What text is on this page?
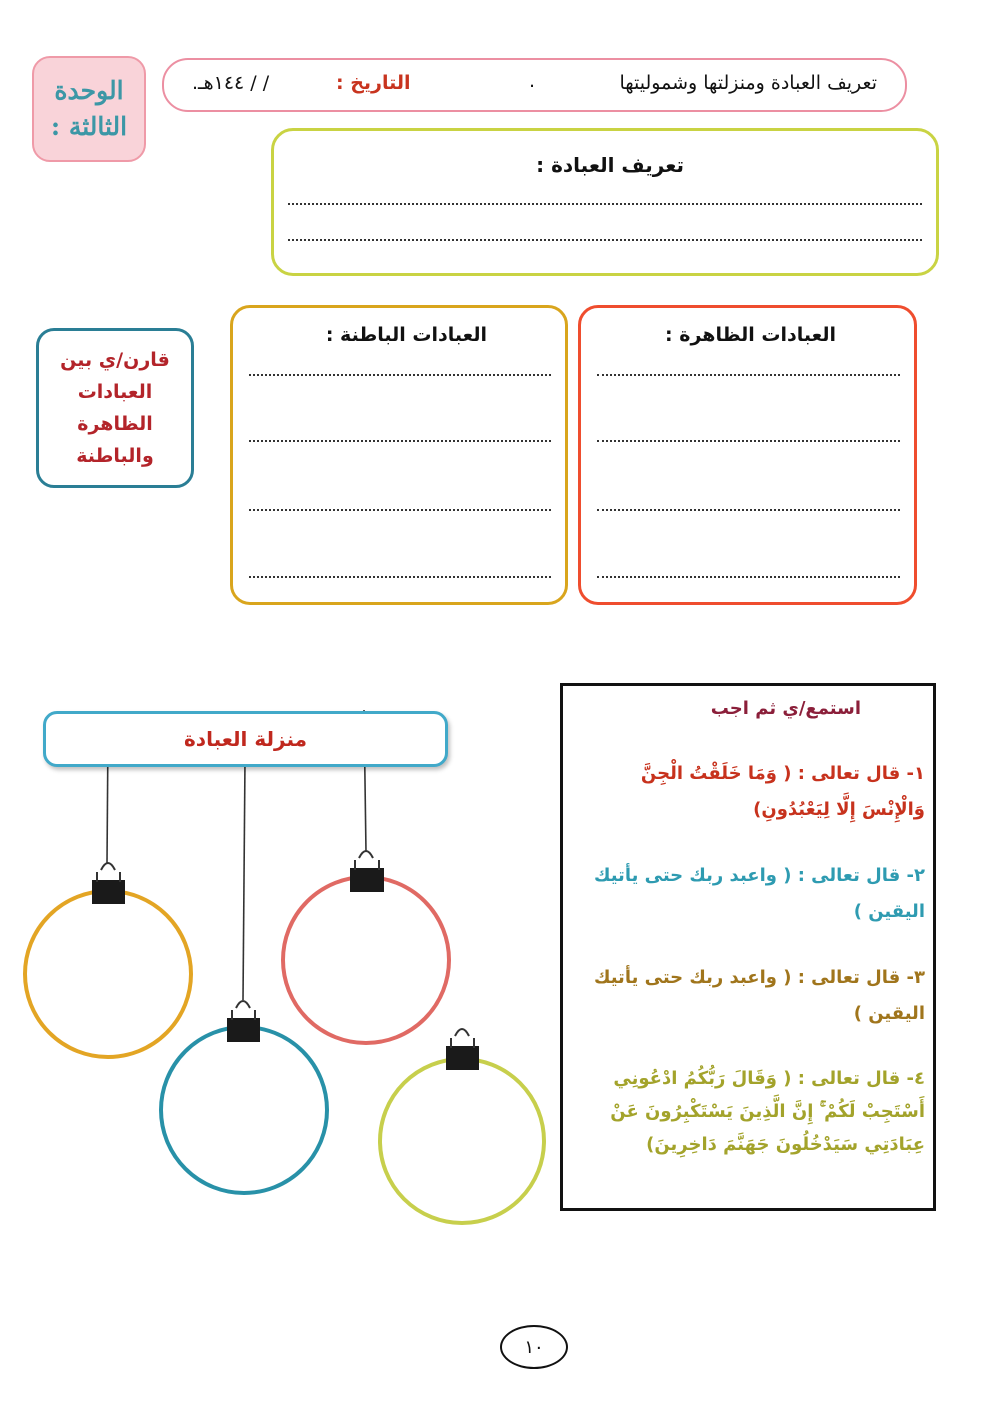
الوحدة
الثالثة :
تعريف العبادة ومنزلتها وشموليتها
.
التاريخ :
/ / ١٤٤هـ.
تعريف العبادة :
قارن/ي بين
العبادات
الظاهرة
والباطنة
العبادات الظاهرة :
العبادات الباطنة :
منزلة العبادة
استمع/ي ثم اجب
١- قال تعالى : ( وَمَا خَلَقْتُ الْجِنَّ وَالْإِنْسَ إِلَّا لِيَعْبُدُونِ)
٢- قال تعالى : ( واعبد ربك حتى يأتيك اليقين )
٣- قال تعالى : ( واعبد ربك حتى يأتيك اليقين )
٤- قال تعالى : ( وَقَالَ رَبُّكُمُ ادْعُونِي أَسْتَجِبْ لَكُمْ ۚ إِنَّ الَّذِينَ يَسْتَكْبِرُونَ عَنْ عِبَادَتِي سَيَدْخُلُونَ جَهَنَّمَ دَاخِرِينَ)
١٠
